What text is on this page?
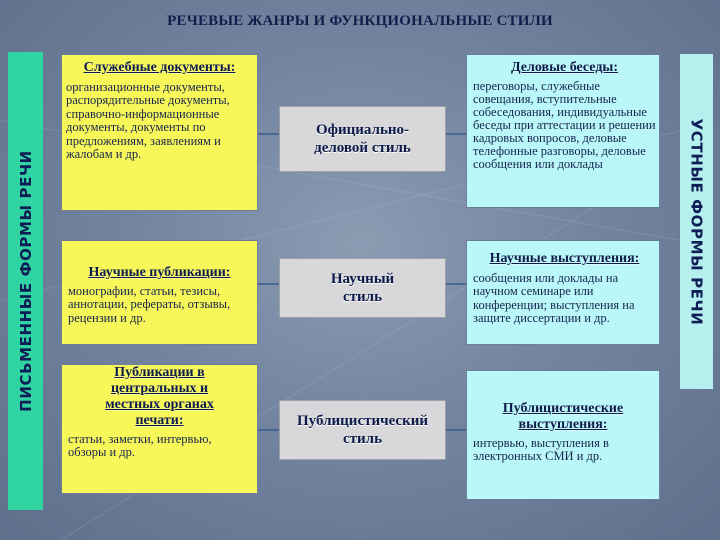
РЕЧЕВЫЕ ЖАНРЫ И ФУНКЦИОНАЛЬНЫЕ СТИЛИ
ПИСЬМЕННЫЕ ФОРМЫ РЕЧИ	УСТНЫЕ ФОРМЫ РЕЧИ
Служебные документы:
организационные документы, распорядительные документы, справочно-информационные документы, документы по предложениям, заявлениям и жалобам и др.
Научные публикации:
монографии, статьи, тезисы, аннотации, рефераты, отзывы, рецензии и др.
Публикации в центральных и местных органах печати:
статьи, заметки, интервью, обзоры и др.
Официально-
деловой стиль
Научный
стиль
Публицистический
стиль
Деловые беседы:
переговоры, служебные совещания, вступительные собеседования, индивидуальные беседы при аттестации и решении кадровых вопросов, деловые телефонные разговоры, деловые сообщения или доклады
Научные выступления:
сообщения или доклады на научном семинаре или конференции; выступления на защите диссертации и др.
Публицистические выступления:
интервью, выступления в электронных СМИ и др.
